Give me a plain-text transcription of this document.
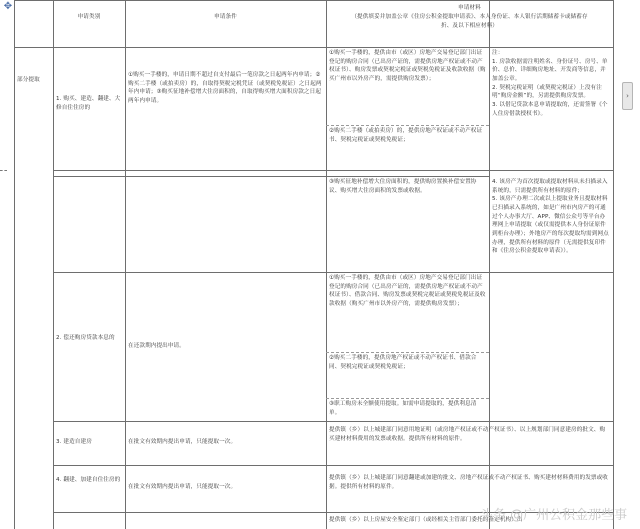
申请类别	申请条件
申请材料
（提供填妥并加盖公章《住房公积金提取申请表》、本人身份证、本人银行活期储蓄卡或储蓄存折、及以下相应材料）
部分提取
1. 购买、建造、翻建、大修自住住房的
①购买一手楼的，申请日期不超过自支付最后一笔房款之日起两年内申请；②购买二手楼（或拍卖房）的，自取得契税完税凭证（或契税免税证）之日起两年内申请；③购买征地补偿增大住房面积的，自取得购买增大面积房款之日起两年内申请。
①购买一手楼的，提供由市（或区）房地产交易登记部门出证登记的购房合同（已出房产证的，需提供房地产权证或不动产权证书）、购房发票或契税完税证或契税免税证及收款收据（购买广州市以外房产的，需提供购房发票）；
②购买二手楼（或拍卖房）的，提供房地产权证或不动产权证书、契税完税证或契税免税证；
注：
1. 房款收据需注明姓名、身份证号、房号、单价、总价、详细购房地址、开发商等信息，并加盖公章。
2. 契税完税证明（或契税完税证）上没有注明“购房金额”的，另需提供购房发票。
3. 以借记贷款本息申请提取的，还需签署《个人住房借款授权书》。
③购买征地补偿增大住房面积的，提供购房置换补偿安置协议、购买增大住房面积的发票或收据。
4. 该房产为首次提取或提取材料从未扫描录入系统的，只需提供所有材料的原件；
5. 该房产办理二次或以上提取业务且提取材料已扫描录入系统的，如是广州市内房产的可通过个人办事大厅、APP、微信公众号等平台办理网上申请提取（或仅需提供本人身份证原件到柜台办理）；外地房产的每次提取均需到网点办理，提供所有材料的原件（无需提供复印件和《住房公积金提取申请表》）。
2. 偿还购房贷款本息的
在还款期内提出申请。
①购买一手楼的，提供由市（或区）房地产交易登记部门出证登记的购房合同（已出房产证的，需提供房地产权证或不动产权证书）、借款合同、购房发票或契税完税证或契税免税证及收款收据（购买广州市以外房产的，需提供购房发票）；
②购买二手楼的，提供房地产权证或不动产权证书、借款合同、契税完税证或契税免税证；
③职工购房未全额使用提取。如需申请提取的，提供利息清单。
3. 建造自建房	在批文有效期内提出申请，只能提取一次。
提供镇（乡）以上城建部门同意用地证明（或房地产权证或不动产权证书）、以上规划部门同意建房的批文、购买建材材料费用的发票或收据。提供所有材料的原件。
4. 翻建、加建自住住房的
在批文有效期内提出申请，只能提取一次。
提供镇（乡）以上城建部门同意翻建或加建的批文、房地产权证或不动产权证书、购买建材材料费用的发票或收据。提供所有材料的原件。
提供镇（乡）以上房屋安全鉴定部门（或经相关主管部门委托的鉴定机构）出
✥
›
头条 @广州公积金那些事
